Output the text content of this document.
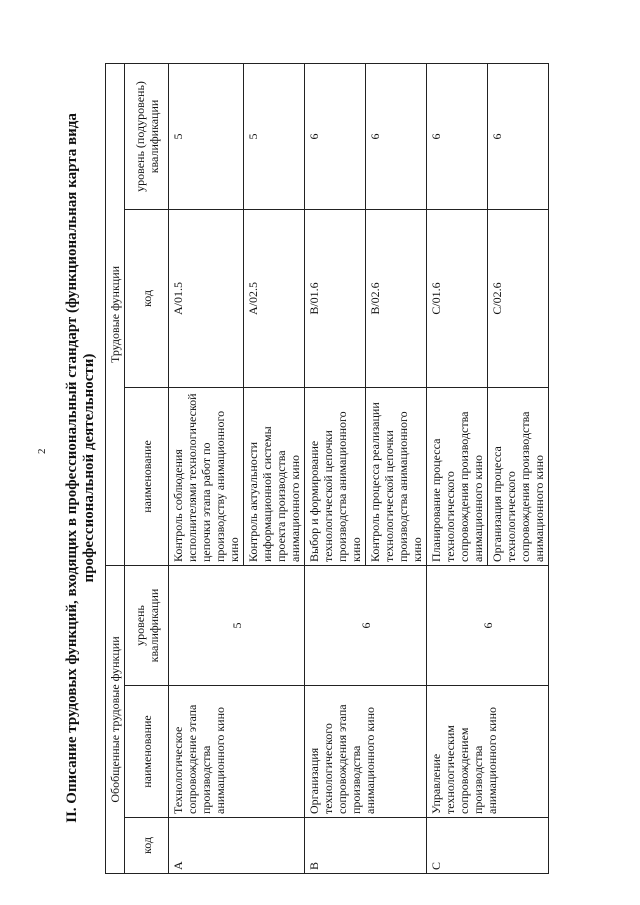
2 II. Описание трудовых функций, входящих в профессиональный стандарт (функциональная карта вида профессиональной деятельности)
Обобщенные трудовые функции			Трудовые функции		
код	наименование	уровень квалификации	наименование	код	уровень (подуровень) квалификации
A	Технологическое сопровождение этапа производства анимационного кино	5	Контроль соблюдения исполнителями технологической цепочки этапа работ по производству анимационного кино	A/01.5	5
			Контроль актуальности информационной системы проекта производства анимационного кино	A/02.5	5
B	Организация технологического сопровождения этапа производства анимационного кино	6	Выбор и формирование технологической цепочки производства анимационного кино	B/01.6	6
			Контроль процесса реализации технологической цепочки производства анимационного кино	B/02.6	6
C	Управление технологическим сопровождением производства анимационного кино	6	Планирование процесса технологического сопровождения производства анимационного кино	C/01.6	6
			Организация процесса технологического сопровождения производства анимационного кино	C/02.6	6
